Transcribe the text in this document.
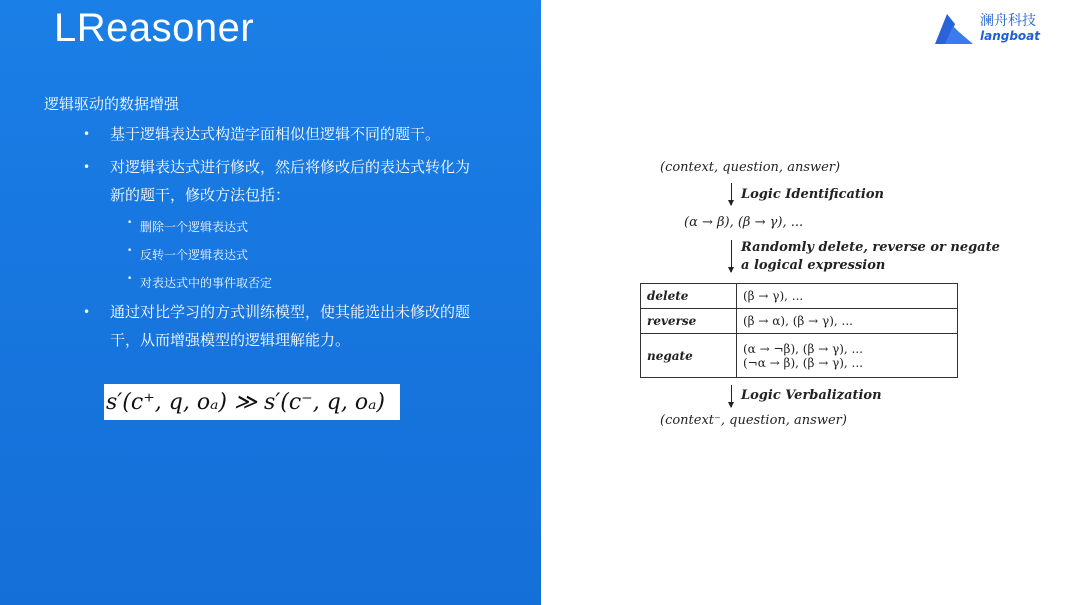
LReasoner
逻辑驱动的数据增强
• 基于逻辑表达式构造字面相似但逻辑不同的题干。
• 对逻辑表达式进行修改，然后将修改后的表达式转化为
新的题干，修改方法包括：
• 删除一个逻辑表达式
• 反转一个逻辑表达式
• 对表达式中的事件取否定
• 通过对比学习的方式训练模型，使其能选出未修改的题
干，从而增强模型的逻辑理解能力。
s′(c⁺, q, oₐ) ≫ s′(c⁻, q, oₐ)
澜舟科技
langboat
(context, question, answer)
Logic Identification
(α → β), (β → γ), ...
Randomly delete, reverse or negate
a logical expression
delete	(β → γ), ...
reverse	(β → α), (β → γ), ...
negate	(α → ¬β), (β → γ), ...
(¬α → β), (β → γ), ...
Logic Verbalization
(context⁻, question, answer)
